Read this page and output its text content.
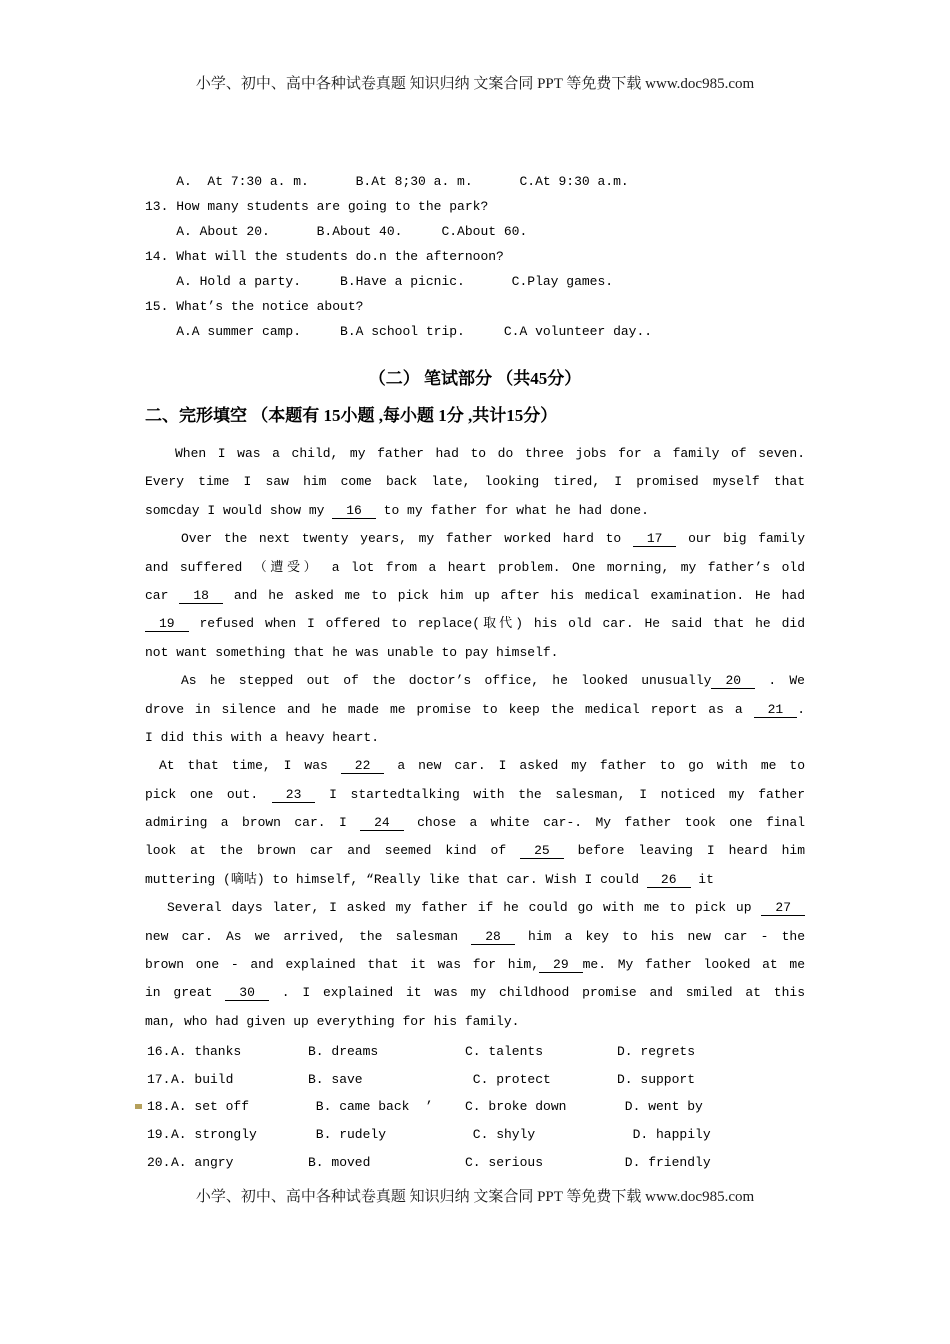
小学、初中、高中各种试卷真题 知识归纳 文案合同 PPT 等免费下载 www.doc985.com
A.  At 7:30 a. m.      B.At 8;30 a. m.      C.At 9:30 a.m.
13. How many students are going to the park?
A. About 20.      B.About 40.     C.About 60.
14. What will the students do.n the afternoon?
A. Hold a party.     B.Have a picnic.      C.Play games.
15. What’s the notice about?
A.A summer camp.     B.A school trip.     C.A volunteer day..
（二） 笔试部分 （共45分）
二、完形填空 （本题有 15小题 ,每小题 1分 ,共计15分）
When I was a child, my father had to do three jobs for a family of seven.
Every time I saw him come back late, looking tired, I promised myself that
somcday I would show my 16 to my father for what he had done.
Over the next twenty years, my father worked hard to 17 our big family
and suffered （遭受） a lot from a heart problem. One morning, my father’s old
car 18 and he asked me to pick him up after his medical examination. He had
19 refused when I offered to replace(取代) his old car. He said that he did
not want something that he was unable to pay himself.
As he stepped out of the doctor’s office, he looked unusually 20 . We
drove in silence and he made me promise to keep the medical report as a 21 .
I did this with a heavy heart.
At that time, I was 22 a new car. I asked my father to go with me to
pick one out. 23 I startedtalking with the salesman, I noticed my father
admiring a brown car. I 24 chose a white car-. My father took one final
look at the brown car and seemed kind of 25 before leaving I heard him
muttering (嘀咕) to himself, “Really like that car. Wish I could 26 it
Several days later, I asked my father if he could go with me to pick up 27
new car. As we arrived, the salesman 28 him a key to his new car - the
brown one - and explained that it was for him, 29 me. My father looked at me
in great 30 . I explained it was my childhood promise and smiled at this
man, who had given up everything for his family.
16. A. thanks	B. dreams	C. talents	D. regrets
17. A. build	B. save	C. protect	D. support
18. A. set off	B. came back  ’	C. broke down	D. went by
19. A. strongly	B. rudely	C. shyly	D. happily
20. A. angry	B. moved	C. serious	D. friendly
小学、初中、高中各种试卷真题 知识归纳 文案合同 PPT 等免费下载 www.doc985.com
